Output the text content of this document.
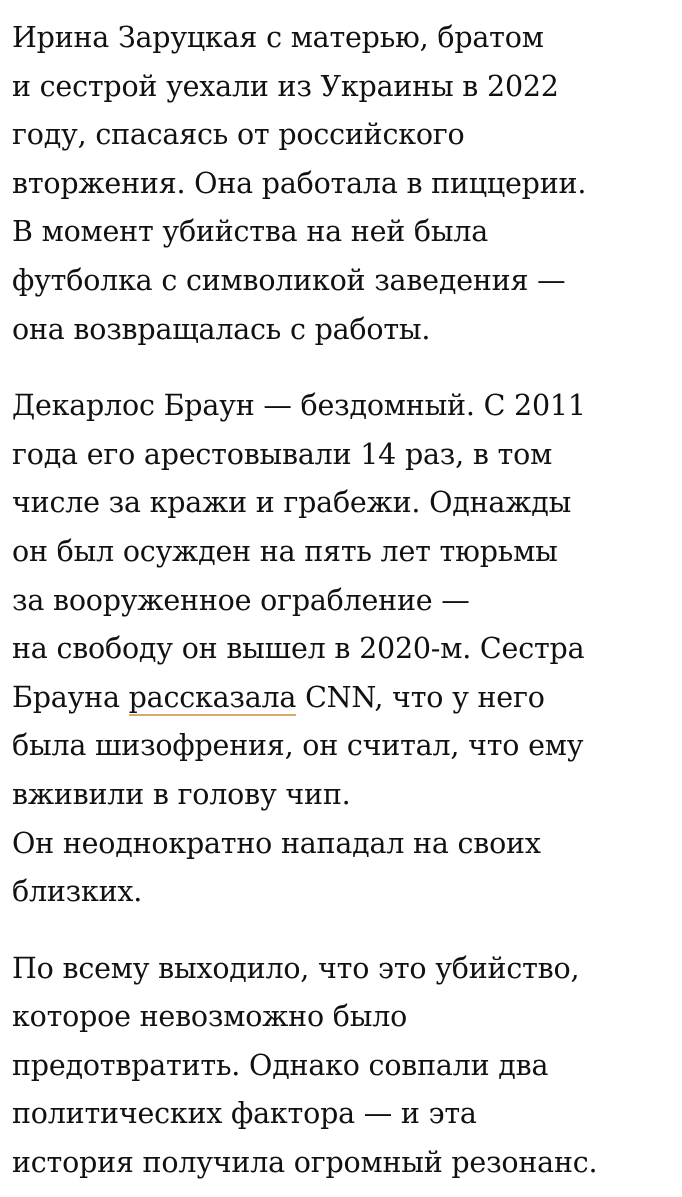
Ирина Заруцкая с матерью, братом
и сестрой уехали из Украины в 2022
году, спасаясь от российского
вторжения. Она работала в пиццерии.
В момент убийства на ней была
футболка с символикой заведения —
она возвращалась с работы.

Декарлос Браун — бездомный. С 2011
года его арестовывали 14 раз, в том
числе за кражи и грабежи. Однажды
он был осужден на пять лет тюрьмы
за вооруженное ограбление —
на свободу он вышел в 2020-м. Сестра
Брауна рассказала CNN, что у него
была шизофрения, он считал, что ему
вживили в голову чип.
Он неоднократно нападал на своих
близких.

По всему выходило, что это убийство,
которое невозможно было
предотвратить. Однако совпали два
политических фактора — и эта
история получила огромный резонанс.
